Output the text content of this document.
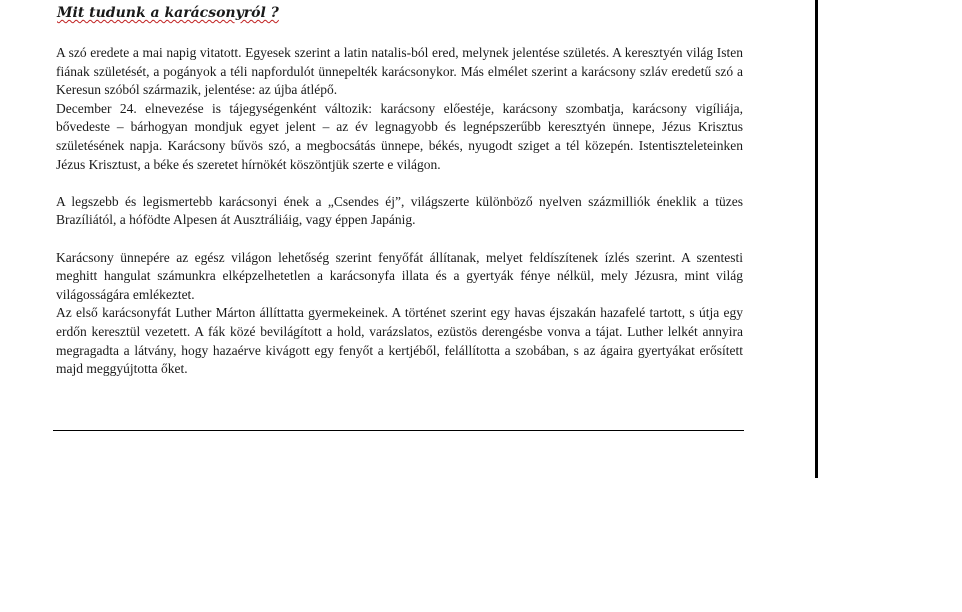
Mit tudunk a karácsonyról ?

A szó eredete a mai napig vitatott. Egyesek szerint a latin natalis-ból ered, melynek jelentése születés. A keresztyén világ Isten fiának születését, a pogányok a téli napfordulót ünnepelték karácsonykor. Más elmélet szerint a karácsony szláv eredetű szó a Keresun szóból származik, jelentése: az újba átlépő.

December 24. elnevezése is tájegységenként változik: karácsony előestéje, karácsony szombatja, karácsony vigíliája, bővedeste – bárhogyan mondjuk egyet jelent – az év legnagyobb és legnépszerűbb keresztyén ünnepe, Jézus Krisztus születésének napja. Karácsony bűvös szó, a megbocsátás ünnepe, békés, nyugodt sziget a tél közepén. Istentiszteleteinken Jézus Krisztust, a béke és szeretet hírnökét köszöntjük szerte e világon.

A legszebb és legismertebb karácsonyi ének a „Csendes éj”, világszerte különböző nyelven százmilliók éneklik a tüzes Brazíliától, a hófödte Alpesen át Ausztráliáig, vagy éppen Japánig.

Karácsony ünnepére az egész világon lehetőség szerint fenyőfát állítanak, melyet feldíszítenek ízlés szerint. A szentesti meghitt hangulat számunkra elképzelhetetlen a karácsonyfa illata és a gyertyák fénye nélkül, mely Jézusra, mint világ világosságára emlékeztet.

Az első karácsonyfát Luther Márton állíttatta gyermekeinek. A történet szerint egy havas éjszakán hazafelé tartott, s útja egy erdőn keresztül vezetett. A fák közé bevilágított a hold, varázslatos, ezüstös derengésbe vonva a tájat. Luther lelkét annyira megragadta a látvány, hogy hazaérve kivágott egy fenyőt a kertjéből, felállította a szobában, s az ágaira gyertyákat erősített majd meggyújtotta őket.
